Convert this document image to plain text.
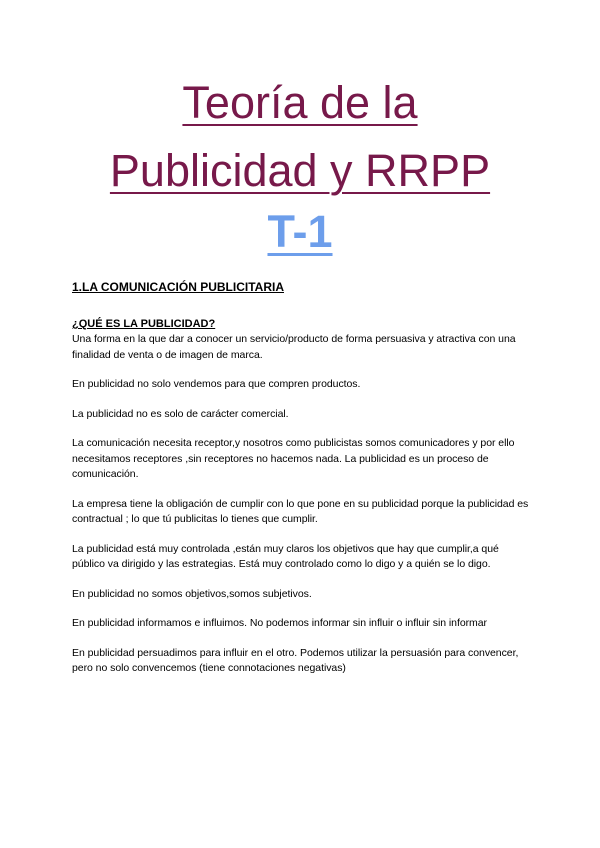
Teoría de la
Publicidad y RRPP
T-1
1.LA COMUNICACIÓN PUBLICITARIA

¿QUÉ ES LA PUBLICIDAD?

Una forma en la que dar a conocer un servicio/producto de forma persuasiva y atractiva con una finalidad de venta o de imagen de marca.

En publicidad no solo vendemos para que compren productos.

La publicidad no es solo de carácter comercial.

La comunicación necesita receptor,y nosotros como publicistas somos comunicadores y por ello necesitamos receptores ,sin receptores no hacemos nada. La publicidad es un proceso de comunicación.

La empresa tiene la obligación de cumplir con lo que pone en su publicidad porque la publicidad es contractual ; lo que tú publicitas lo tienes que cumplir.

La publicidad está muy controlada ,están muy claros los objetivos que hay que cumplir,a qué público va dirigido y las estrategias. Está muy controlado como lo digo y a quién se lo digo.

En publicidad no somos objetivos,somos subjetivos.

En publicidad informamos e influimos. No podemos informar sin influir o influir sin informar

En publicidad persuadimos para influir en el otro. Podemos utilizar la persuasión para convencer, pero no solo convencemos (tiene connotaciones negativas)
